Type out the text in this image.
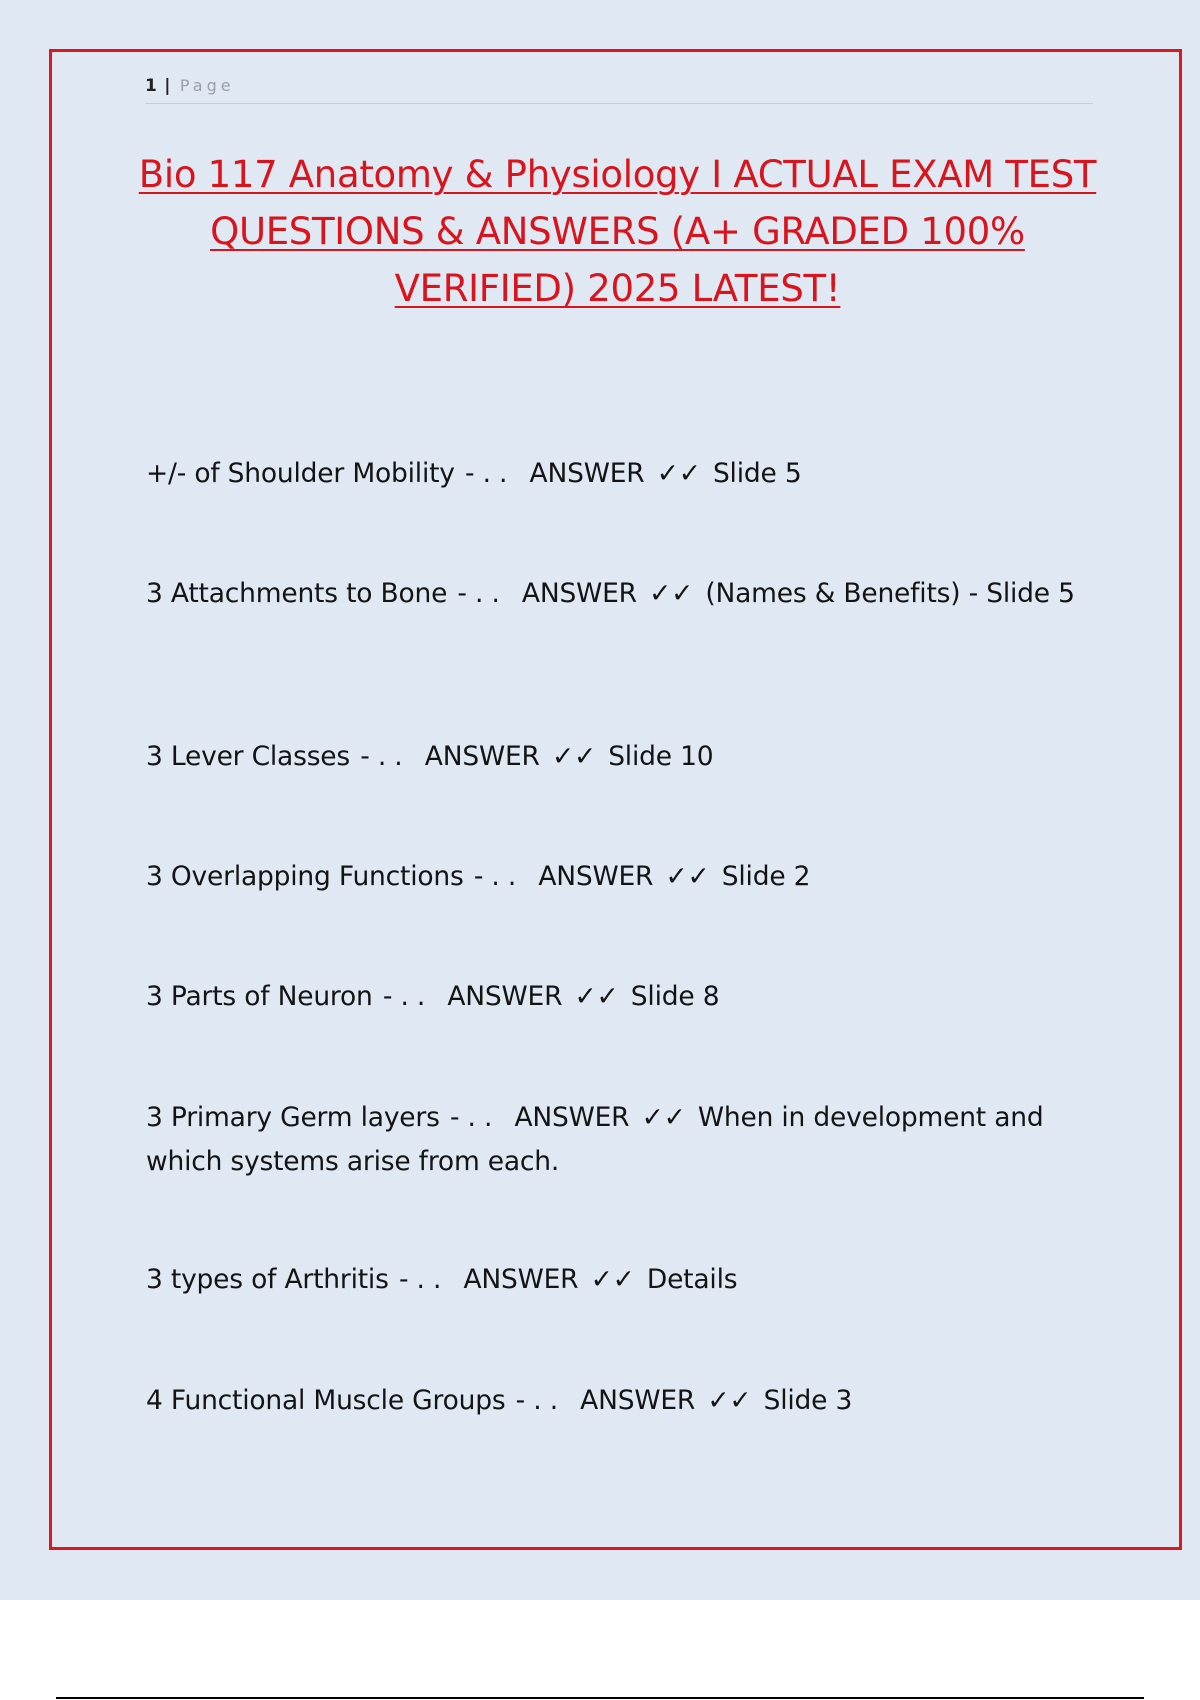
1 | Page
Bio 117 Anatomy & Physiology I ACTUAL EXAM TEST QUESTIONS & ANSWERS (A+ GRADED 100% VERIFIED) 2025 LATEST!
+/- of Shoulder Mobility - . . ANSWER ✓✓ Slide 5
3 Attachments to Bone - . . ANSWER ✓✓ (Names & Benefits) - Slide 5
3 Lever Classes - . . ANSWER ✓✓ Slide 10
3 Overlapping Functions - . . ANSWER ✓✓ Slide 2
3 Parts of Neuron - . . ANSWER ✓✓ Slide 8
3 Primary Germ layers - . . ANSWER ✓✓ When in development and which systems arise from each.
3 types of Arthritis - . . ANSWER ✓✓ Details
4 Functional Muscle Groups - . . ANSWER ✓✓ Slide 3
